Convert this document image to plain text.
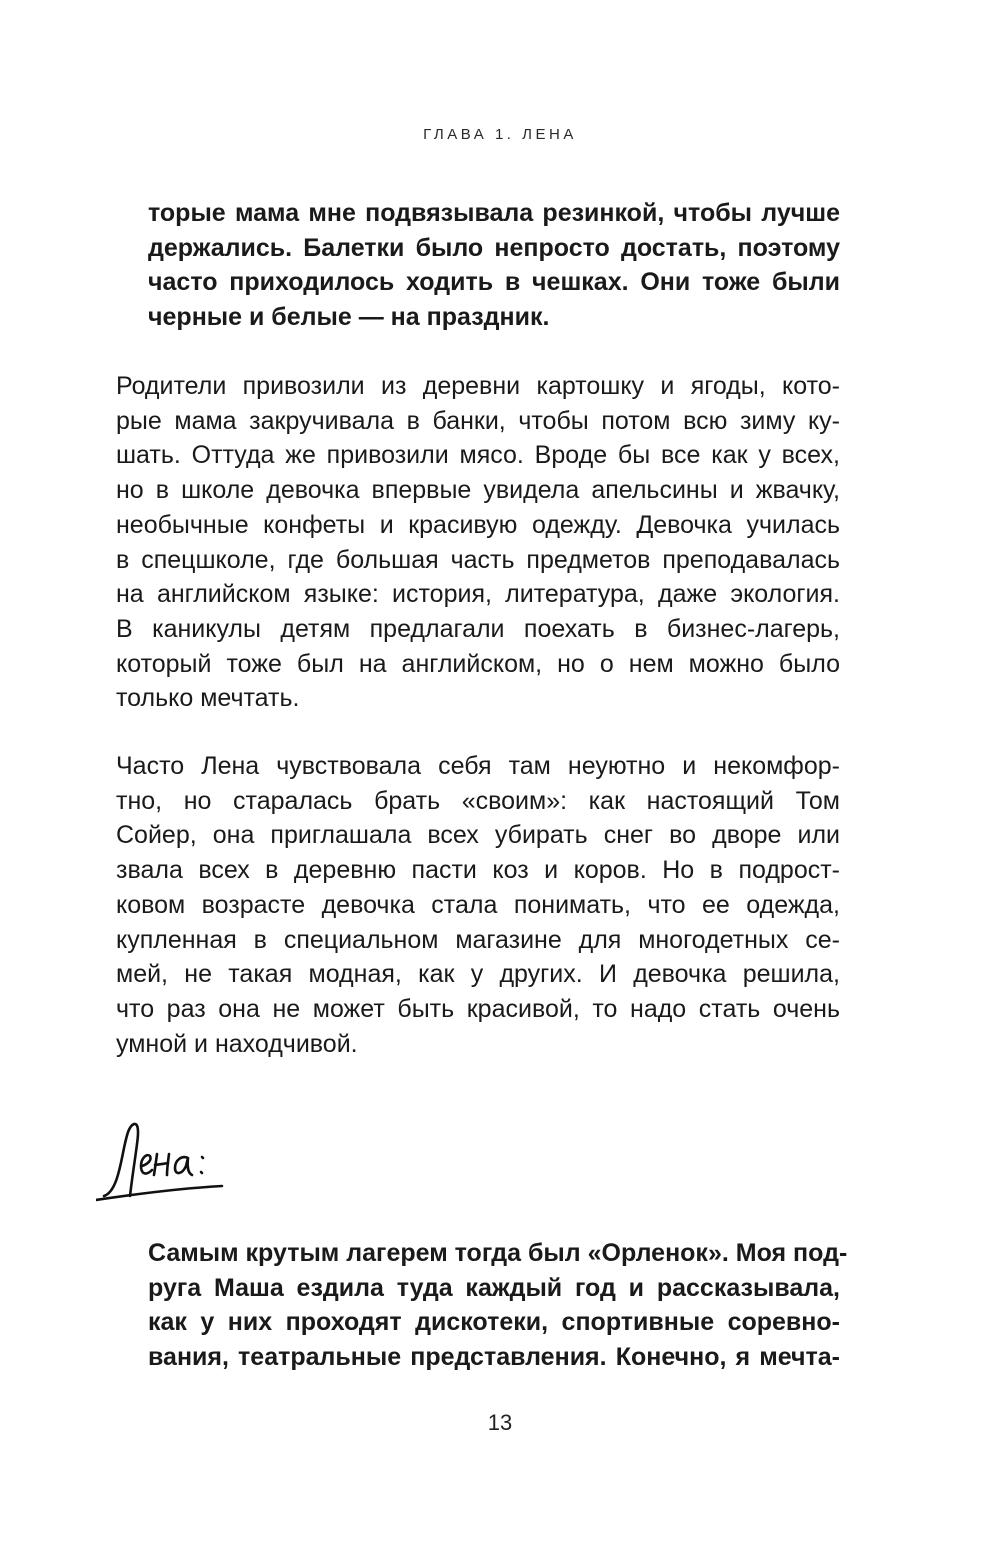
ГЛАВА 1. ЛЕНА

торые мама мне подвязывала резинкой, чтобы лучше
держались. Балетки было непросто достать, поэтому
часто приходилось ходить в чешках. Они тоже были
черные и белые — на праздник.

Родители привозили из деревни картошку и ягоды, кото-
рые мама закручивала в банки, чтобы потом всю зиму ку-
шать. Оттуда же привозили мясо. Вроде бы все как у всех,
но в школе девочка впервые увидела апельсины и жвачку,
необычные конфеты и красивую одежду. Девочка училась
в спецшколе, где большая часть предметов преподавалась
на английском языке: история, литература, даже экология.
В каникулы детям предлагали поехать в бизнес-лагерь,
который тоже был на английском, но о нем можно было
только мечтать.

Часто Лена чувствовала себя там неуютно и некомфор-
тно, но старалась брать «своим»: как настоящий Том
Сойер, она приглашала всех убирать снег во дворе или
звала всех в деревню пасти коз и коров. Но в подрост-
ковом возрасте девочка стала понимать, что ее одежда,
купленная в специальном магазине для многодетных се-
мей, не такая модная, как у других. И девочка решила,
что раз она не может быть красивой, то надо стать очень
умной и находчивой.

Самым крутым лагерем тогда был «Орленок». Моя под-
руга Маша ездила туда каждый год и рассказывала,
как у них проходят дискотеки, спортивные соревно-
вания, театральные представления. Конечно, я мечта-

13
